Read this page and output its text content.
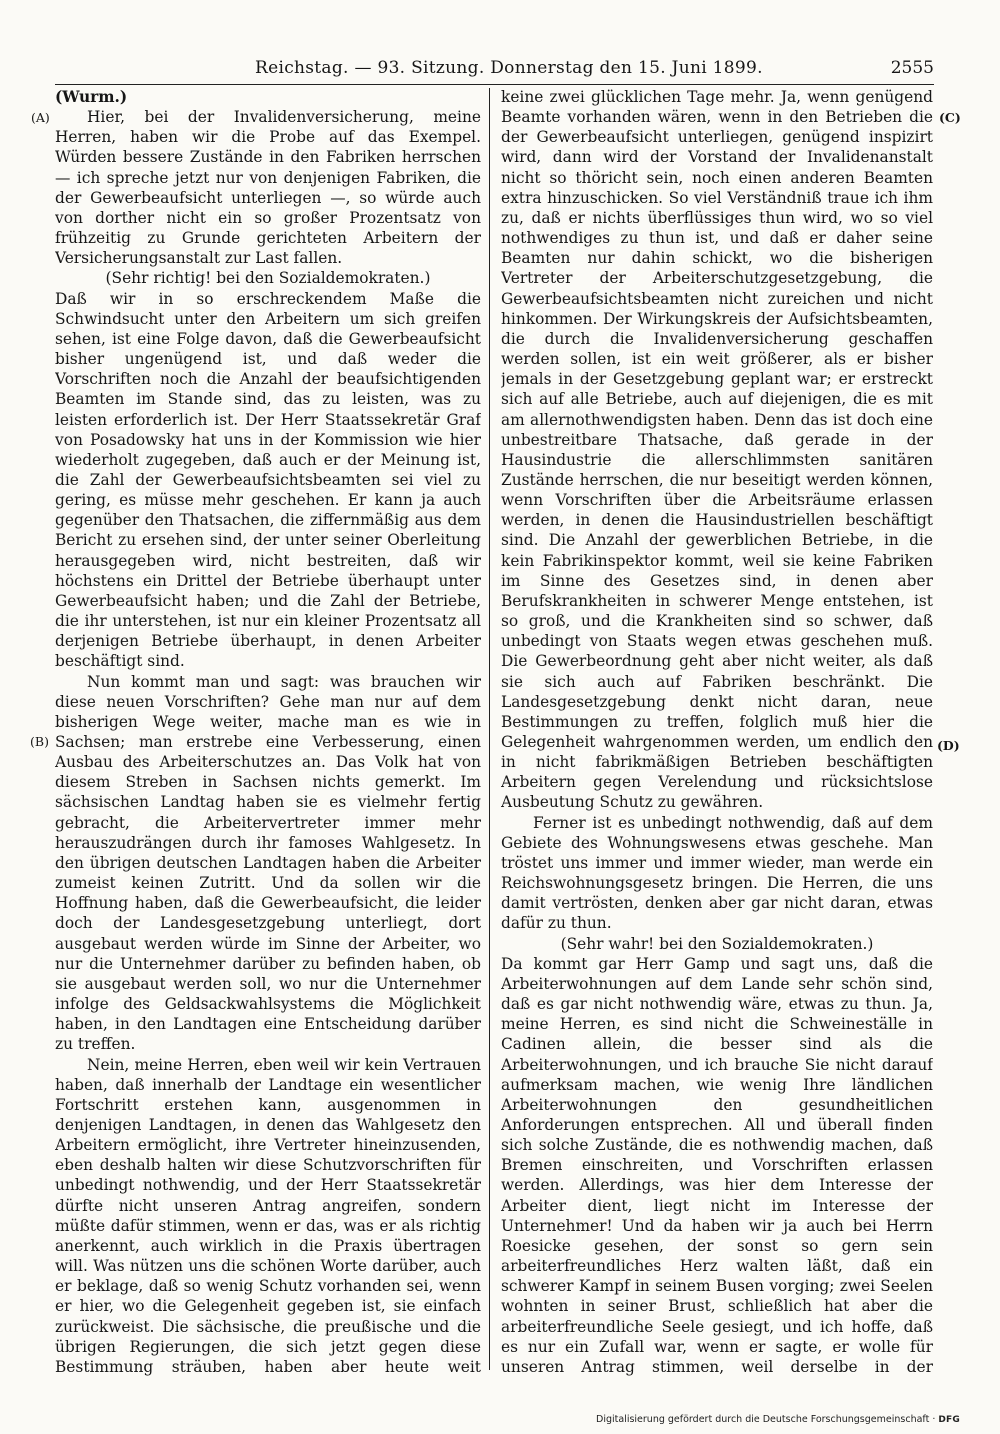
Reichstag. — 93. Sitzung. Donnerstag den 15. Juni 1899.	2555
(A)
(B)
(C)
(D)

(Wurm.)

Hier, bei der Invalidenversicherung, meine Herren, haben wir die Probe auf das Exempel. Würden bessere Zustände in den Fabriken herrschen — ich spreche jetzt nur von denjenigen Fabriken, die der Gewerbeaufsicht unterliegen —, so würde auch von dorther nicht ein so großer Prozentsatz von frühzeitig zu Grunde gerichteten Arbeitern der Versicherungsanstalt zur Last fallen.

(Sehr richtig! bei den Sozialdemokraten.)

Daß wir in so erschreckendem Maße die Schwindsucht unter den Arbeitern um sich greifen sehen, ist eine Folge davon, daß die Gewerbeaufsicht bisher ungenügend ist, und daß weder die Vorschriften noch die Anzahl der beaufsichtigenden Beamten im Stande sind, das zu leisten, was zu leisten erforderlich ist. Der Herr Staatssekretär Graf von Posadowsky hat uns in der Kommission wie hier wiederholt zugegeben, daß auch er der Meinung ist, die Zahl der Gewerbeaufsichtsbeamten sei viel zu gering, es müsse mehr geschehen. Er kann ja auch gegenüber den Thatsachen, die ziffernmäßig aus dem Bericht zu ersehen sind, der unter seiner Oberleitung herausgegeben wird, nicht bestreiten, daß wir höchstens ein Drittel der Betriebe überhaupt unter Gewerbeaufsicht haben; und die Zahl der Betriebe, die ihr unterstehen, ist nur ein kleiner Prozentsatz all derjenigen Betriebe überhaupt, in denen Arbeiter beschäftigt sind.

Nun kommt man und sagt: was brauchen wir diese neuen Vorschriften? Gehe man nur auf dem bisherigen Wege weiter, mache man es wie in Sachsen; man erstrebe eine Verbesserung, einen Ausbau des Arbeiterschutzes an. Das Volk hat von diesem Streben in Sachsen nichts gemerkt. Im sächsischen Landtag haben sie es vielmehr fertig gebracht, die Arbeitervertreter immer mehr herauszudrängen durch ihr famoses Wahlgesetz. In den übrigen deutschen Landtagen haben die Arbeiter zumeist keinen Zutritt. Und da sollen wir die Hoffnung haben, daß die Gewerbeaufsicht, die leider doch der Landesgesetzgebung unterliegt, dort ausgebaut werden würde im Sinne der Arbeiter, wo nur die Unternehmer darüber zu befinden haben, ob sie ausgebaut werden soll, wo nur die Unternehmer infolge des Geldsackwahlsystems die Möglichkeit haben, in den Landtagen eine Entscheidung darüber zu treffen.

Nein, meine Herren, eben weil wir kein Vertrauen haben, daß innerhalb der Landtage ein wesentlicher Fortschritt erstehen kann, ausgenommen in denjenigen Landtagen, in denen das Wahlgesetz den Arbeitern ermöglicht, ihre Vertreter hineinzusenden, eben deshalb halten wir diese Schutzvorschriften für unbedingt nothwendig, und der Herr Staatssekretär dürfte nicht unseren Antrag angreifen, sondern müßte dafür stimmen, wenn er das, was er als richtig anerkennt, auch wirklich in die Praxis übertragen will. Was nützen uns die schönen Worte darüber, auch er beklage, daß so wenig Schutz vorhanden sei, wenn er hier, wo die Gelegenheit gegeben ist, sie einfach zurückweist. Die sächsische, die preußische und die übrigen Regierungen, die sich jetzt gegen diese Bestimmung sträuben, haben aber heute weit

keine zwei glücklichen Tage mehr. Ja, wenn genügend Beamte vorhanden wären, wenn in den Betrieben die der Gewerbeaufsicht unterliegen, genügend inspizirt wird, dann wird der Vorstand der Invalidenanstalt nicht so thöricht sein, noch einen anderen Beamten extra hinzuschicken. So viel Verständniß traue ich ihm zu, daß er nichts überflüssiges thun wird, wo so viel nothwendiges zu thun ist, und daß er daher seine Beamten nur dahin schickt, wo die bisherigen Vertreter der Arbeiterschutzgesetzgebung, die Gewerbeaufsichtsbeamten nicht zureichen und nicht hinkommen. Der Wirkungskreis der Aufsichtsbeamten, die durch die Invalidenversicherung geschaffen werden sollen, ist ein weit größerer, als er bisher jemals in der Gesetzgebung geplant war; er erstreckt sich auf alle Betriebe, auch auf diejenigen, die es mit am allernothwendigsten haben. Denn das ist doch eine unbestreitbare Thatsache, daß gerade in der Hausindustrie die allerschlimmsten sanitären Zustände herrschen, die nur beseitigt werden können, wenn Vorschriften über die Arbeitsräume erlassen werden, in denen die Hausindustriellen beschäftigt sind. Die Anzahl der gewerblichen Betriebe, in die kein Fabrikinspektor kommt, weil sie keine Fabriken im Sinne des Gesetzes sind, in denen aber Berufskrankheiten in schwerer Menge entstehen, ist so groß, und die Krankheiten sind so schwer, daß unbedingt von Staats wegen etwas geschehen muß. Die Gewerbeordnung geht aber nicht weiter, als daß sie sich auch auf Fabriken beschränkt. Die Landesgesetzgebung denkt nicht daran, neue Bestimmungen zu treffen, folglich muß hier die Gelegenheit wahrgenommen werden, um endlich den in nicht fabrikmäßigen Betrieben beschäftigten Arbeitern gegen Verelendung und rücksichtslose Ausbeutung Schutz zu gewähren.

Ferner ist es unbedingt nothwendig, daß auf dem Gebiete des Wohnungswesens etwas geschehe. Man tröstet uns immer und immer wieder, man werde ein Reichswohnungsgesetz bringen. Die Herren, die uns damit vertrösten, denken aber gar nicht daran, etwas dafür zu thun.

(Sehr wahr! bei den Sozialdemokraten.)

Da kommt gar Herr Gamp und sagt uns, daß die Arbeiterwohnungen auf dem Lande sehr schön sind, daß es gar nicht nothwendig wäre, etwas zu thun. Ja, meine Herren, es sind nicht die Schweineställe in Cadinen allein, die besser sind als die Arbeiterwohnungen, und ich brauche Sie nicht darauf aufmerksam machen, wie wenig Ihre ländlichen Arbeiterwohnungen den gesundheitlichen Anforderungen entsprechen. All und überall finden sich solche Zustände, die es nothwendig machen, daß Bremen einschreiten, und Vorschriften erlassen werden. Allerdings, was hier dem Interesse der Arbeiter dient, liegt nicht im Interesse der Unternehmer! Und da haben wir ja auch bei Herrn Roesicke gesehen, der sonst so gern sein arbeiterfreundliches Herz walten läßt, daß ein schwerer Kampf in seinem Busen vorging; zwei Seelen wohnten in seiner Brust, schließlich hat aber die arbeiterfreundliche Seele gesiegt, und ich hoffe, daß es nur ein Zufall war, wenn er sagte, er wolle für unseren Antrag stimmen, weil derselbe in der

Digitalisierung gefördert durch die Deutsche Forschungsgemeinschaft · DFG
